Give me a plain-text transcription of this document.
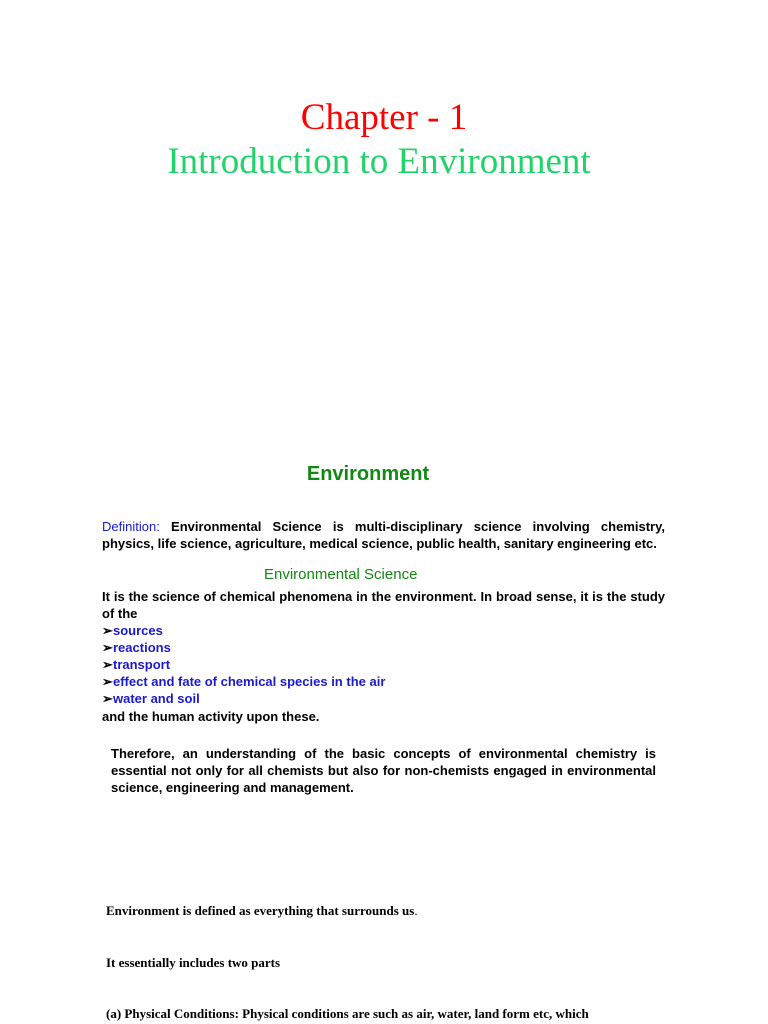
Chapter - 1
Introduction to Environment
Environment
Definition: Environmental Science is multi-disciplinary science involving chemistry, physics, life science, agriculture, medical science, public health, sanitary engineering etc.
Environmental Science
It is the science of chemical phenomena in the environment. In broad sense, it is the study of the
➢sources
➢reactions
➢transport
➢effect and fate of chemical species in the air
➢water and soil
and the human activity upon these.
Therefore, an understanding of the basic concepts of environmental chemistry is essential not only for all chemists but also for non-chemists engaged in environmental science, engineering and management.
Environment is defined as everything that surrounds us.
It essentially includes two parts
(a) Physical Conditions: Physical conditions are such as air, water, land form etc, which
